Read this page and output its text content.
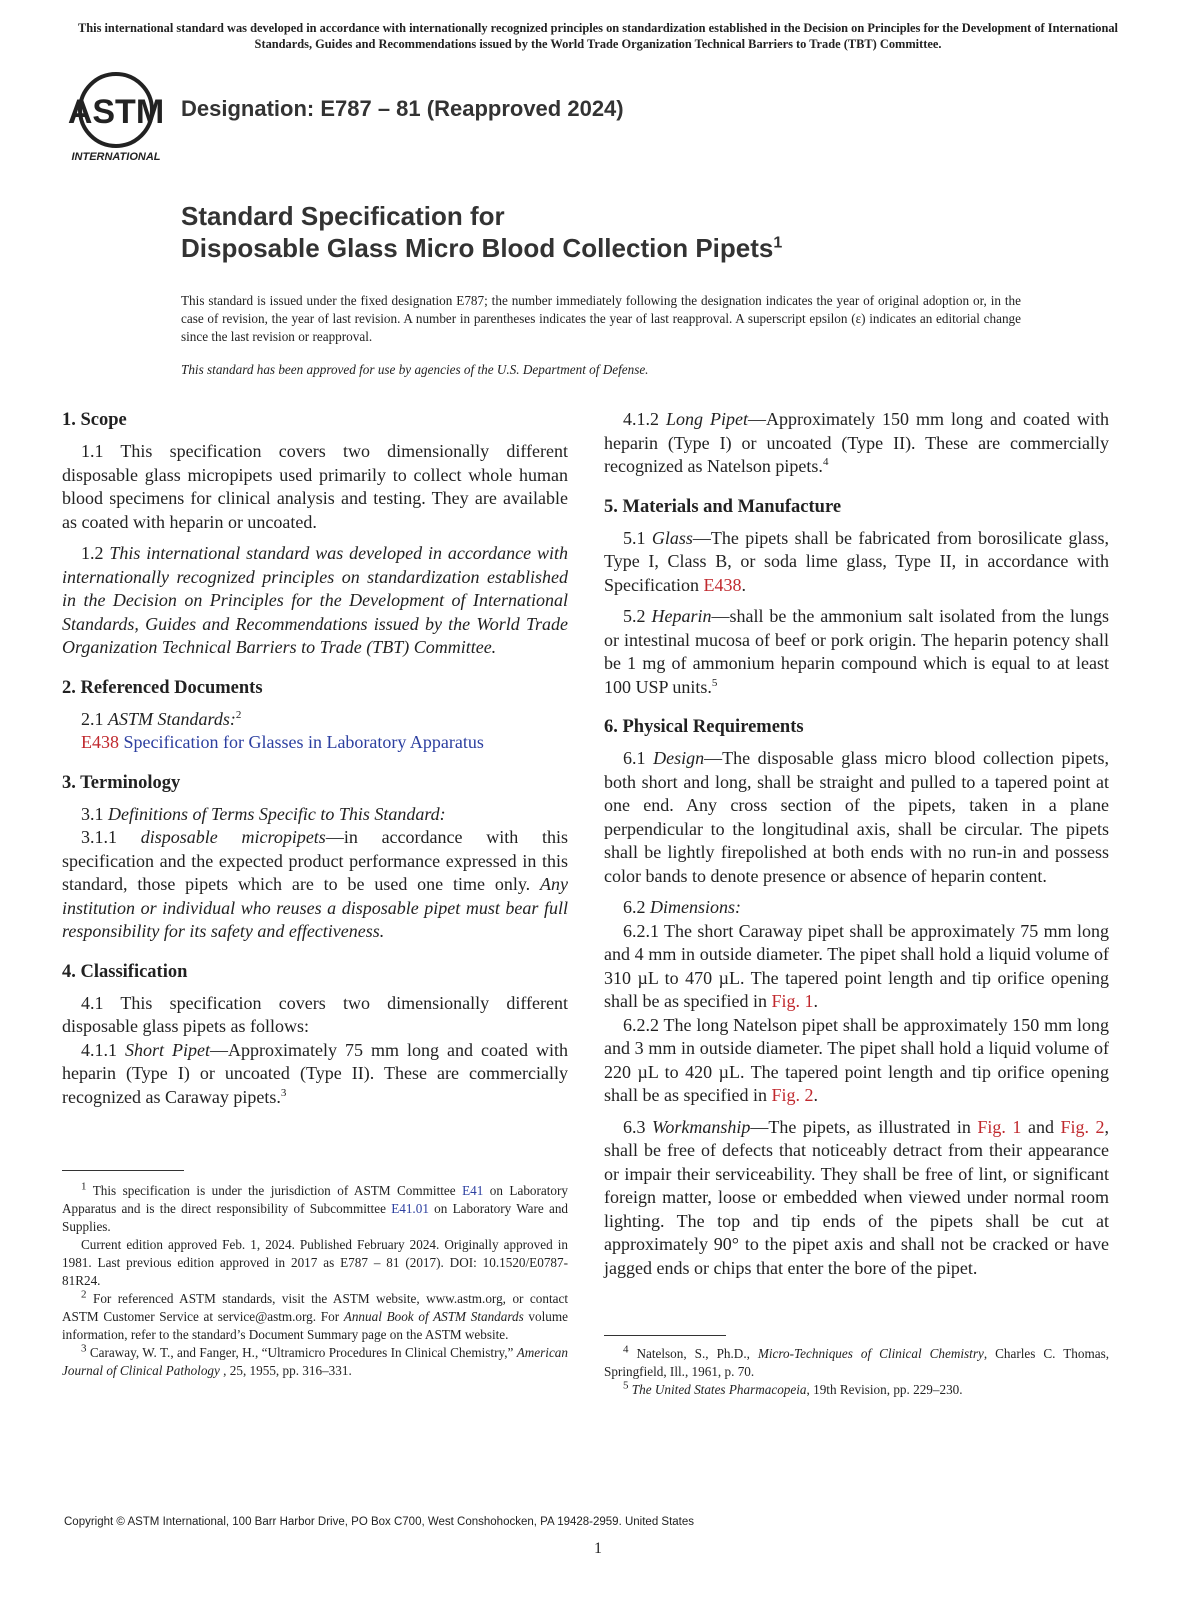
This international standard was developed in accordance with internationally recognized principles on standardization established in the Decision on Principles for the Development of International Standards, Guides and Recommendations issued by the World Trade Organization Technical Barriers to Trade (TBT) Committee.
ASTM
INTERNATIONAL
Designation: E787 – 81 (Reapproved 2024)
Standard Specification for
Disposable Glass Micro Blood Collection Pipets$^1$
This standard is issued under the fixed designation E787; the number immediately following the designation indicates the year of original adoption or, in the case of revision, the year of last revision. A number in parentheses indicates the year of last reapproval. A superscript epsilon (ε) indicates an editorial change since the last revision or reapproval.
This standard has been approved for use by agencies of the U.S. Department of Defense.
1. Scope

1.1 This specification covers two dimensionally different disposable glass micropipets used primarily to collect whole human blood specimens for clinical analysis and testing. They are available as coated with heparin or uncoated.

1.2 This international standard was developed in accordance with internationally recognized principles on standardization established in the Decision on Principles for the Development of International Standards, Guides and Recommendations issued by the World Trade Organization Technical Barriers to Trade (TBT) Committee.

2. Referenced Documents

2.1 ASTM Standards:$^2$

E438 Specification for Glasses in Laboratory Apparatus

3. Terminology

3.1 Definitions of Terms Specific to This Standard:

3.1.1 disposable micropipets—in accordance with this specification and the expected product performance expressed in this standard, those pipets which are to be used one time only. Any institution or individual who reuses a disposable pipet must bear full responsibility for its safety and effectiveness.

4. Classification

4.1 This specification covers two dimensionally different disposable glass pipets as follows:

4.1.1 Short Pipet—Approximately 75 mm long and coated with heparin (Type I) or uncoated (Type II). These are commercially recognized as Caraway pipets.$^3$

$^1$ This specification is under the jurisdiction of ASTM Committee E41 on Laboratory Apparatus and is the direct responsibility of Subcommittee E41.01 on Laboratory Ware and Supplies.

Current edition approved Feb. 1, 2024. Published February 2024. Originally approved in 1981. Last previous edition approved in 2017 as E787 – 81 (2017). DOI: 10.1520/E0787-81R24.

$^2$ For referenced ASTM standards, visit the ASTM website, www.astm.org, or contact ASTM Customer Service at service@astm.org. For Annual Book of ASTM Standards volume information, refer to the standard’s Document Summary page on the ASTM website.

$^3$ Caraway, W. T., and Fanger, H., “Ultramicro Procedures In Clinical Chemistry,” American Journal of Clinical Pathology , 25, 1955, pp. 316–331.

4.1.2 Long Pipet—Approximately 150 mm long and coated with heparin (Type I) or uncoated (Type II). These are commercially recognized as Natelson pipets.$^4$

5. Materials and Manufacture

5.1 Glass—The pipets shall be fabricated from borosilicate glass, Type I, Class B, or soda lime glass, Type II, in accordance with Specification E438.

5.2 Heparin—shall be the ammonium salt isolated from the lungs or intestinal mucosa of beef or pork origin. The heparin potency shall be 1 mg of ammonium heparin compound which is equal to at least 100 USP units.$^5$

6. Physical Requirements

6.1 Design—The disposable glass micro blood collection pipets, both short and long, shall be straight and pulled to a tapered point at one end. Any cross section of the pipets, taken in a plane perpendicular to the longitudinal axis, shall be circular. The pipets shall be lightly firepolished at both ends with no run-in and possess color bands to denote presence or absence of heparin content.

6.2 Dimensions:

6.2.1 The short Caraway pipet shall be approximately 75 mm long and 4 mm in outside diameter. The pipet shall hold a liquid volume of 310 µL to 470 µL. The tapered point length and tip orifice opening shall be as specified in Fig. 1.

6.2.2 The long Natelson pipet shall be approximately 150 mm long and 3 mm in outside diameter. The pipet shall hold a liquid volume of 220 µL to 420 µL. The tapered point length and tip orifice opening shall be as specified in Fig. 2.

6.3 Workmanship—The pipets, as illustrated in Fig. 1 and Fig. 2, shall be free of defects that noticeably detract from their appearance or impair their serviceability. They shall be free of lint, or significant foreign matter, loose or embedded when viewed under normal room lighting. The top and tip ends of the pipets shall be cut at approximately 90° to the pipet axis and shall not be cracked or have jagged ends or chips that enter the bore of the pipet.

$^4$ Natelson, S., Ph.D., Micro-Techniques of Clinical Chemistry, Charles C. Thomas, Springfield, Ill., 1961, p. 70.

$^5$ The United States Pharmacopeia, 19th Revision, pp. 229–230.

Copyright © ASTM International, 100 Barr Harbor Drive, PO Box C700, West Conshohocken, PA 19428-2959. United States
1
